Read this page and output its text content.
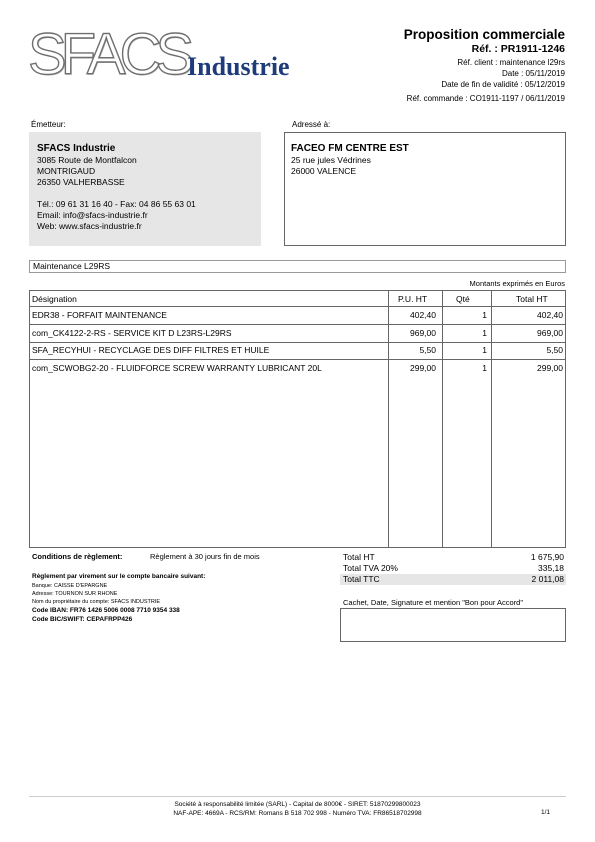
SFACS
Industrie
Proposition commerciale
Réf. : PR1911-1246
Réf. client : maintenance l29rs
Date : 05/11/2019
Date de fin de validité : 05/12/2019
Réf. commande : CO1911-1197 / 06/11/2019
Émetteur:
SFACS Industrie
3085 Route de Montfalcon
MONTRIGAUD
26350 VALHERBASSE
Tél.: 09 61 31 16 40 - Fax: 04 86 55 63 01
Email: info@sfacs-industrie.fr
Web: www.sfacs-industrie.fr
Adressé à:
FACEO FM CENTRE EST
25 rue jules Védrines
26000 VALENCE
Maintenance L29RS
Montants exprimés en Euros
Désignation	P.U. HT	Qté	Total HT
EDR38 - FORFAIT MAINTENANCE	402,40	1	402,40
com_CK4122-2-RS - SERVICE KIT D L23RS-L29RS	969,00	1	969,00
SFA_RECYHUI - RECYCLAGE DES DIFF FILTRES ET HUILE	5,50	1	5,50
com_SCWOBG2-20 - FLUIDFORCE SCREW WARRANTY LUBRICANT 20L	299,00	1	299,00
Conditions de règlement:	Règlement à 30 jours fin de mois
Règlement par virement sur le compte bancaire suivant:
Banque: CAISSE D'EPARGNE
Adresse: TOURNON SUR RHONE
Nom du propriétaire du compte: SFACS INDUSTRIE
Code IBAN: FR76 1426 5006 0008 7710 9354 338
Code BIC/SWIFT: CEPAFRPP426
Total HT	1 675,90
Total TVA 20%	335,18
Total TTC	2 011,08
Cachet, Date, Signature et mention "Bon pour Accord"
Société à responsabilité limitée (SARL) - Capital de 8000€ - SIRET: 51870299800023
NAF-APE: 4669A - RCS/RM: Romans B 518 702 998 - Numéro TVA: FR86518702998	1/1
